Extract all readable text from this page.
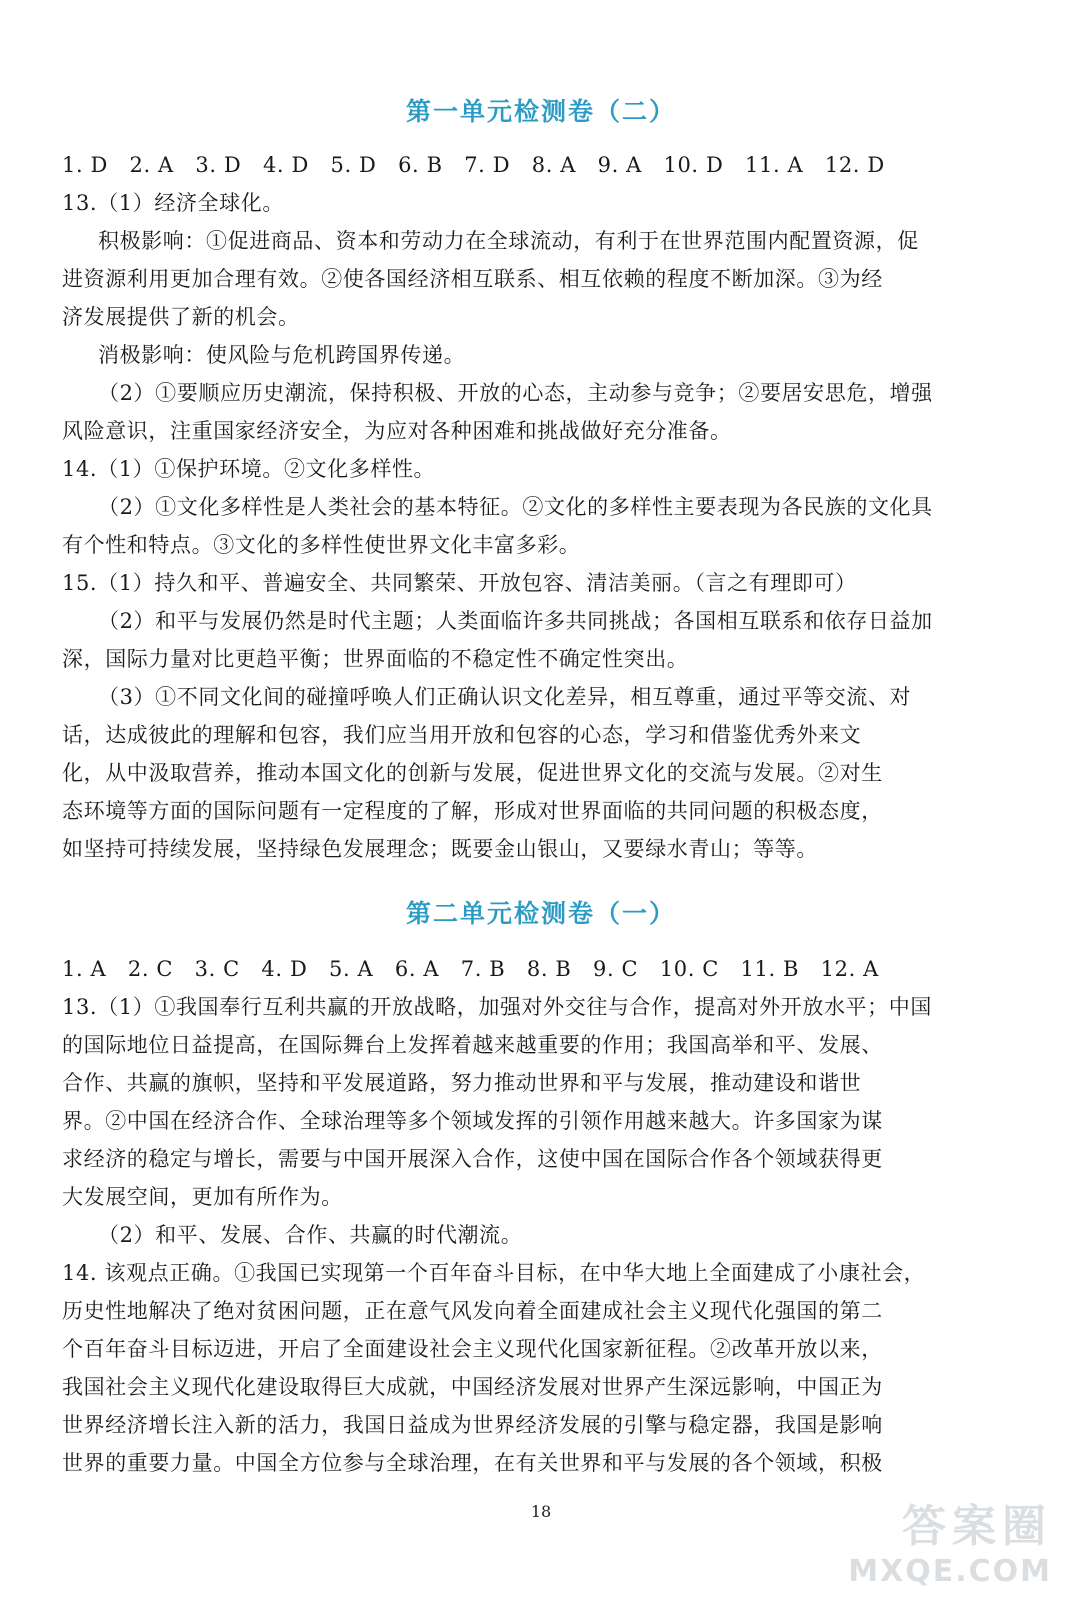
第一单元检测卷（二）
1. D　2. A　3. D　4. D　5. D　6. B　7. D　8. A　9. A　10. D　11. A　12. D
13.（1）经济全球化。
积极影响：①促进商品、资本和劳动力在全球流动，有利于在世界范围内配置资源，促
进资源利用更加合理有效。②使各国经济相互联系、相互依赖的程度不断加深。③为经
济发展提供了新的机会。
消极影响：使风险与危机跨国界传递。
（2）①要顺应历史潮流，保持积极、开放的心态，主动参与竞争；②要居安思危，增强
风险意识，注重国家经济安全，为应对各种困难和挑战做好充分准备。
14.（1）①保护环境。②文化多样性。
（2）①文化多样性是人类社会的基本特征。②文化的多样性主要表现为各民族的文化具
有个性和特点。③文化的多样性使世界文化丰富多彩。
15.（1）持久和平、普遍安全、共同繁荣、开放包容、清洁美丽。（言之有理即可）
（2）和平与发展仍然是时代主题；人类面临许多共同挑战；各国相互联系和依存日益加
深，国际力量对比更趋平衡；世界面临的不稳定性不确定性突出。
（3）①不同文化间的碰撞呼唤人们正确认识文化差异，相互尊重，通过平等交流、对
话，达成彼此的理解和包容，我们应当用开放和包容的心态，学习和借鉴优秀外来文
化，从中汲取营养，推动本国文化的创新与发展，促进世界文化的交流与发展。②对生
态环境等方面的国际问题有一定程度的了解，形成对世界面临的共同问题的积极态度，
如坚持可持续发展，坚持绿色发展理念；既要金山银山，又要绿水青山；等等。
第二单元检测卷（一）
1. A　2. C　3. C　4. D　5. A　6. A　7. B　8. B　9. C　10. C　11. B　12. A
13.（1）①我国奉行互利共赢的开放战略，加强对外交往与合作，提高对外开放水平；中国
的国际地位日益提高，在国际舞台上发挥着越来越重要的作用；我国高举和平、发展、
合作、共赢的旗帜，坚持和平发展道路，努力推动世界和平与发展，推动建设和谐世
界。②中国在经济合作、全球治理等多个领域发挥的引领作用越来越大。许多国家为谋
求经济的稳定与增长，需要与中国开展深入合作，这使中国在国际合作各个领域获得更
大发展空间，更加有所作为。
（2）和平、发展、合作、共赢的时代潮流。
14. 该观点正确。①我国已实现第一个百年奋斗目标，在中华大地上全面建成了小康社会，
历史性地解决了绝对贫困问题，正在意气风发向着全面建成社会主义现代化强国的第二
个百年奋斗目标迈进，开启了全面建设社会主义现代化国家新征程。②改革开放以来，
我国社会主义现代化建设取得巨大成就，中国经济发展对世界产生深远影响，中国正为
世界经济增长注入新的活力，我国日益成为世界经济发展的引擎与稳定器，我国是影响
世界的重要力量。中国全方位参与全球治理，在有关世界和平与发展的各个领域，积极
18	答案圈
MXQE.COM
